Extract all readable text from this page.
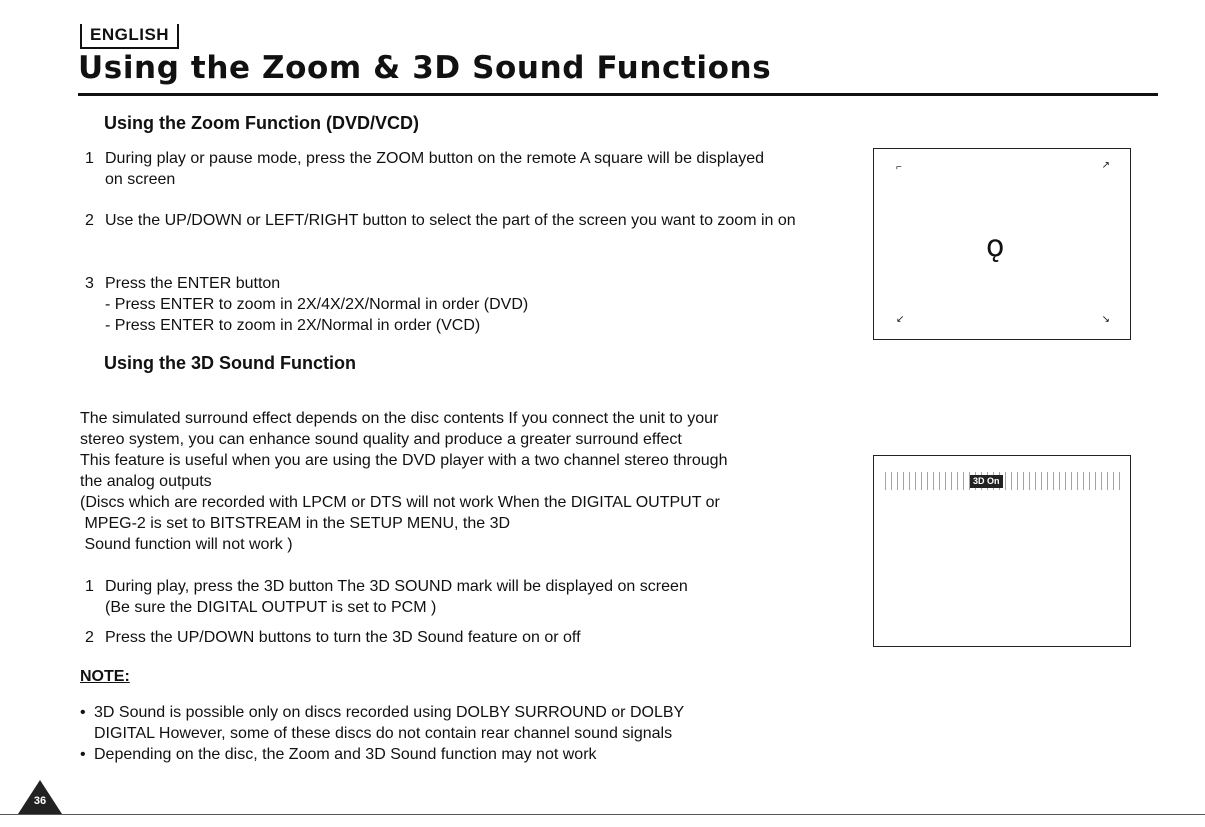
ENGLISH
Using the Zoom & 3D Sound Functions
Using the Zoom Function (DVD/VCD)
1 During play or pause mode, press the ZOOM button on the remote A square will be displayed on screen
2 Use the UP/DOWN or LEFT/RIGHT button to select the part of the screen you want to zoom in on
3 Press the ENTER button
- Press ENTER to zoom in 2X/4X/2X/Normal in order (DVD)
- Press ENTER to zoom in 2X/Normal in order (VCD)
Using the 3D Sound Function
The simulated surround effect depends on the disc contents If you connect the unit to your
stereo system, you can enhance sound quality and produce a greater surround effect
This feature is useful when you are using the DVD player with a two channel stereo through
the analog outputs
(Discs which are recorded with LPCM or DTS will not work When the DIGITAL OUTPUT or
MPEG-2 is set to BITSTREAM in the SETUP MENU, the 3D
Sound function will not work )
1 During play, press the 3D button The 3D SOUND mark will be displayed on screen
(Be sure the DIGITAL OUTPUT is set to PCM )
2 Press the UP/DOWN buttons to turn the 3D Sound feature on or off
NOTE:
• 3D Sound is possible only on discs recorded using DOLBY SURROUND or DOLBY
DIGITAL However, some of these discs do not contain rear channel sound signals
• Depending on the disc, the Zoom and 3D Sound function may not work
⌐	↗
↙	↘
ǫ
3D On
36
